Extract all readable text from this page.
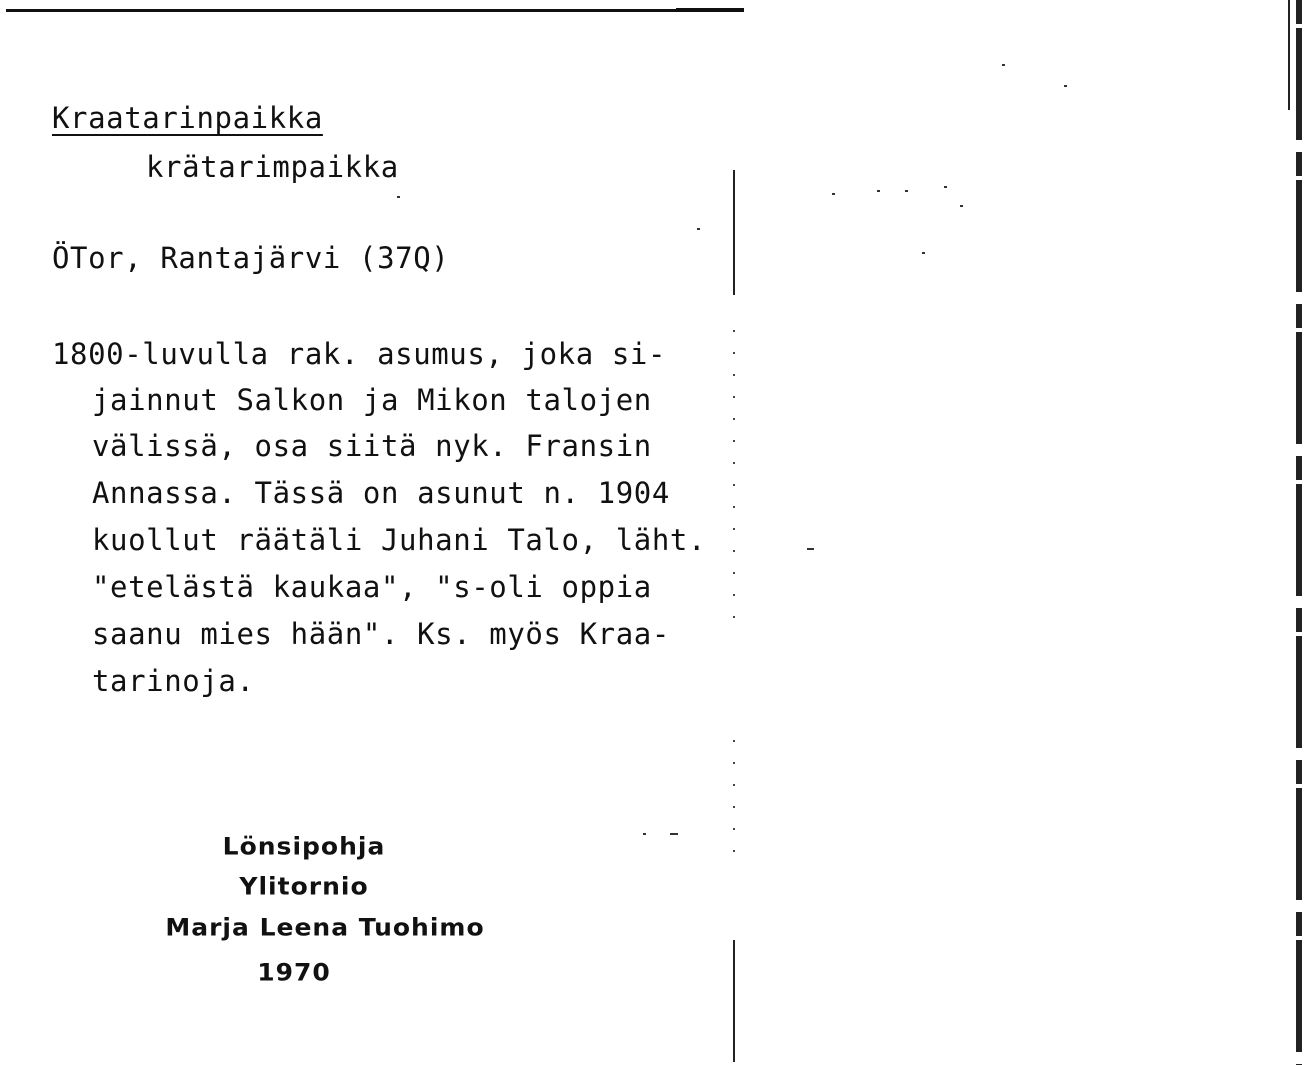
Kraatarinpaikka

krätarimpaikka

ÖTor, Rantajärvi (37Q)

1800-luvulla rak. asumus, joka si-

jainnut Salkon ja Mikon talojen

välissä, osa siitä nyk. Fransin

Annassa. Tässä on asunut n. 1904

kuollut räätäli Juhani Talo, läht.

"etelästä kaukaa", "s-oli oppia

saanu mies hään". Ks. myös Kraa-

tarinoja.

Lönsipohja

Ylitornio

Marja Leena Tuohimo

1970
